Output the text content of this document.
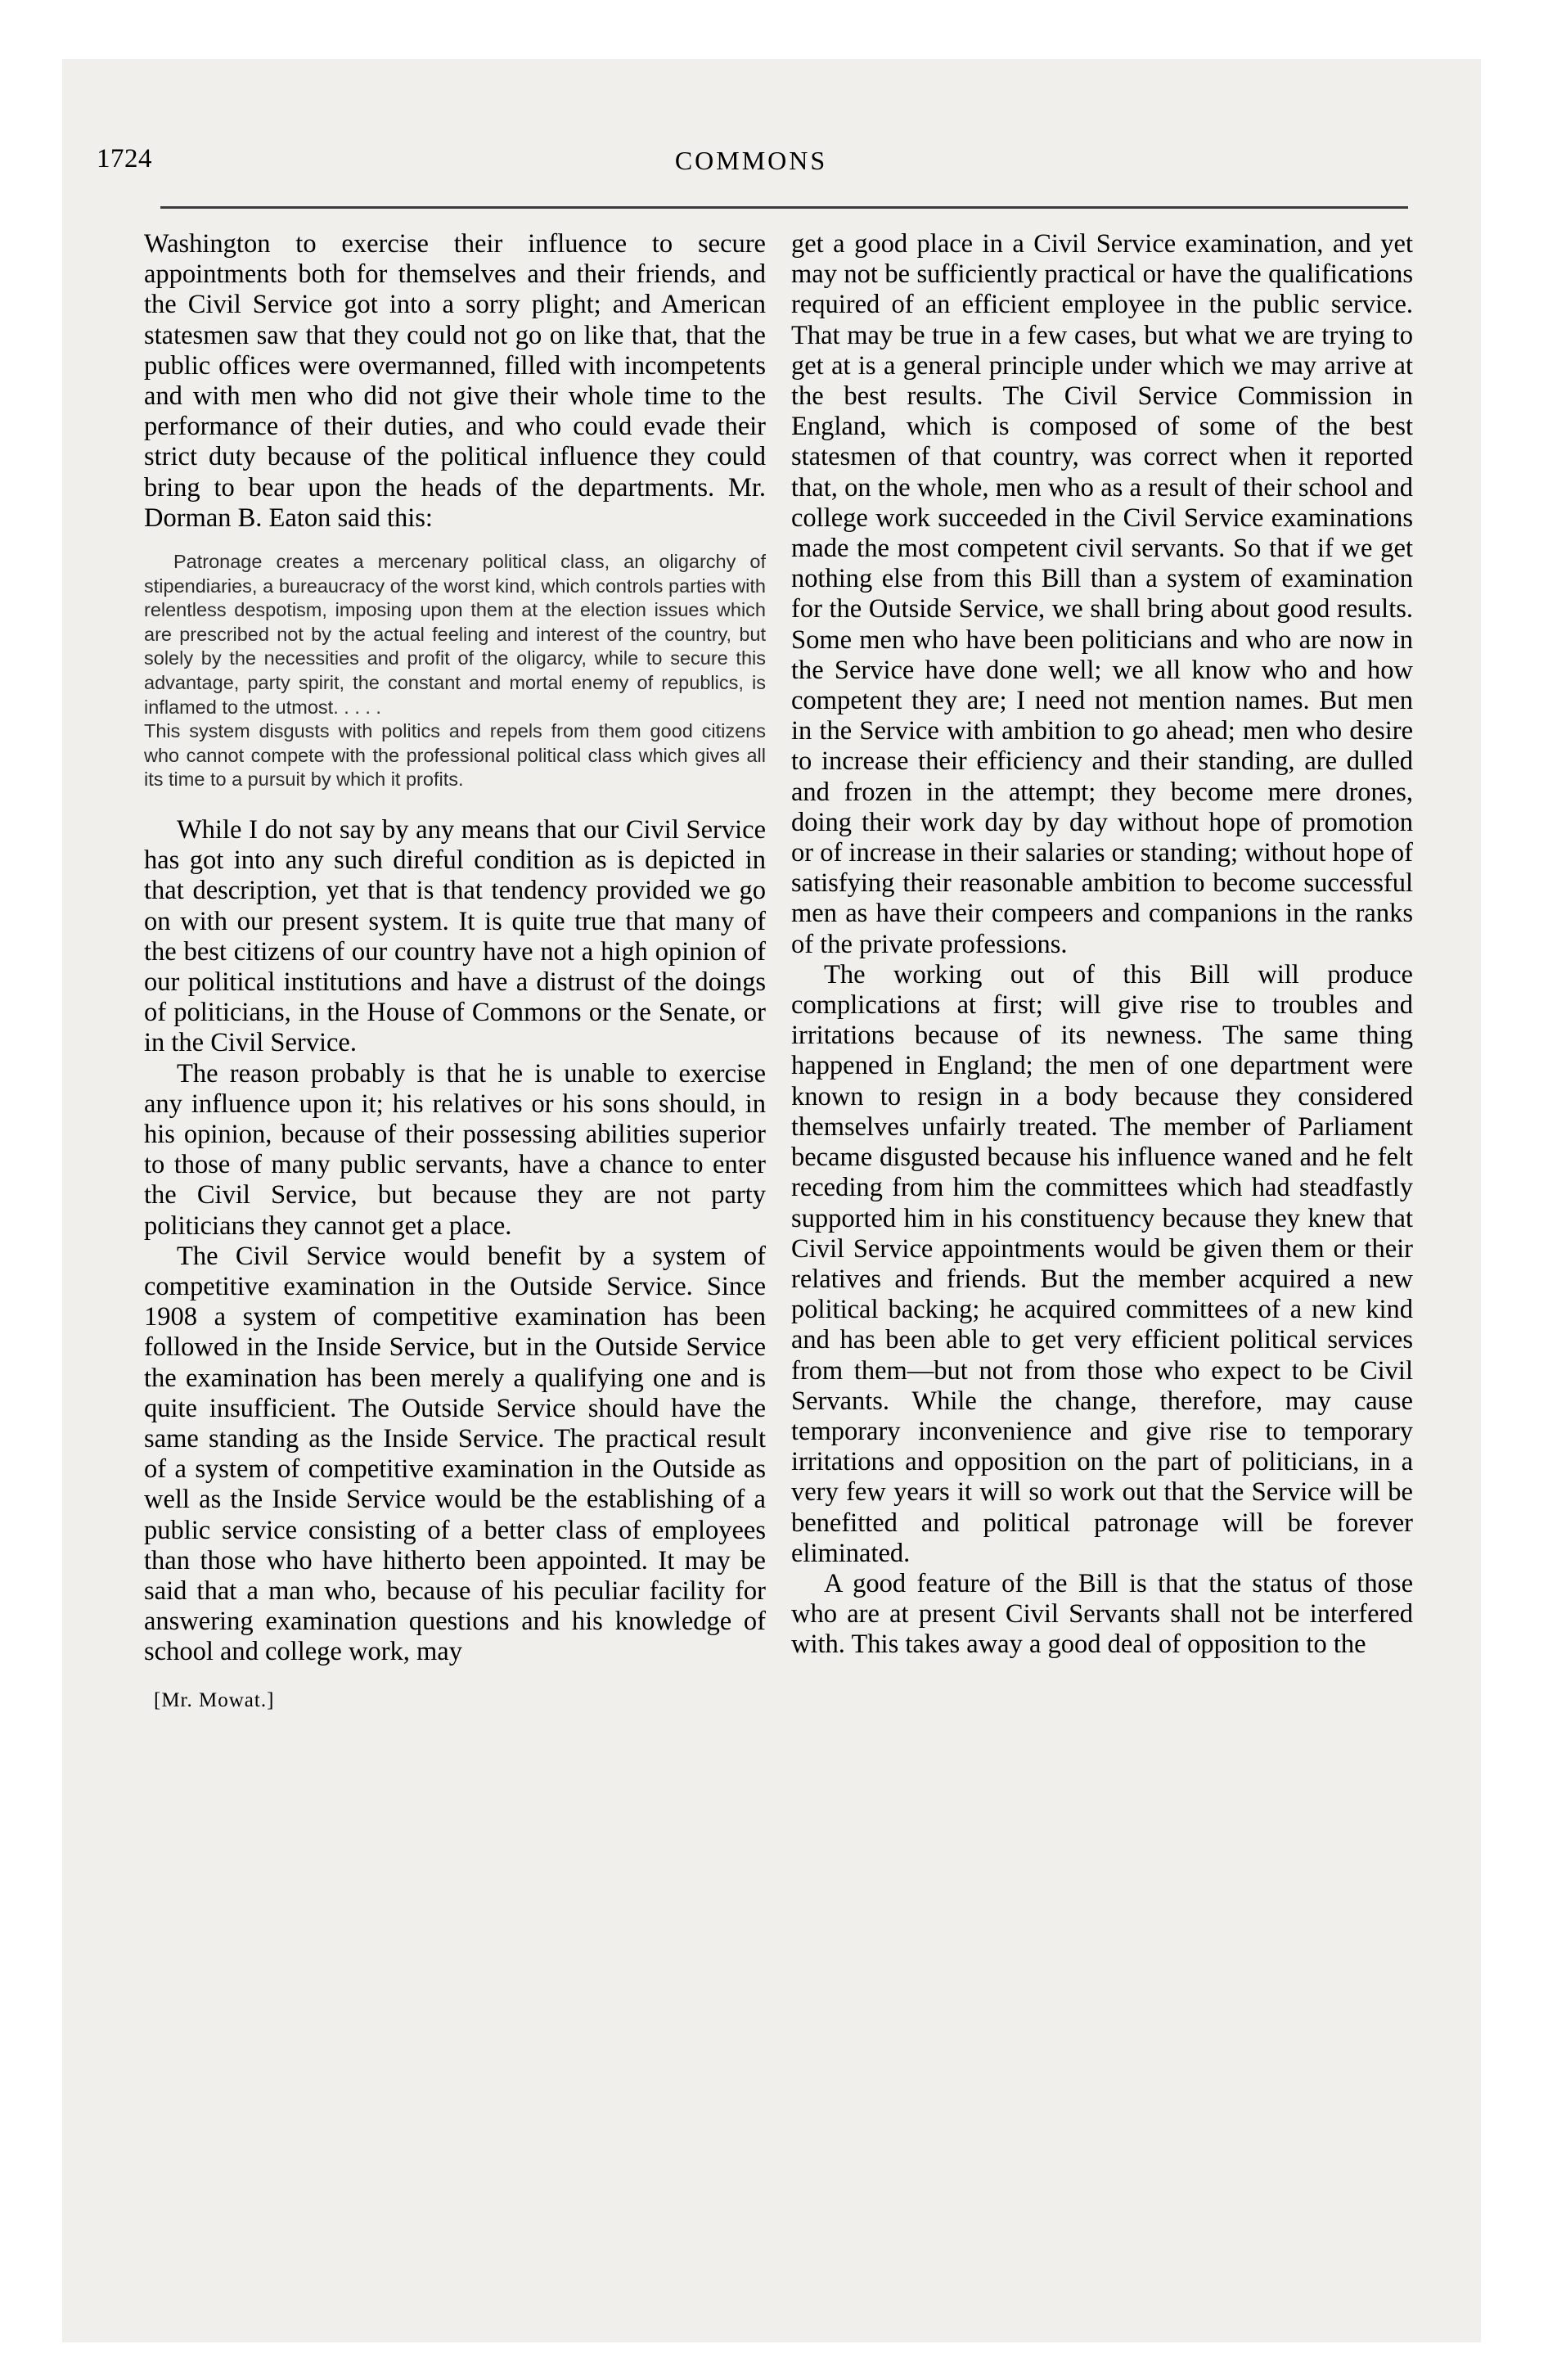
1724	COMMONS

Washington to exercise their influence to secure appointments both for themselves and their friends, and the Civil Service got into a sorry plight; and American statesmen saw that they could not go on like that, that the public offices were overmanned, filled with incompetents and with men who did not give their whole time to the performance of their duties, and who could evade their strict duty because of the political influence they could bring to bear upon the heads of the departments. Mr. Dorman B. Eaton said this:

Patronage creates a mercenary political class, an oligarchy of stipendiaries, a bureaucracy of the worst kind, which controls parties with relentless despotism, imposing upon them at the election issues which are prescribed not by the actual feeling and interest of the country, but solely by the necessities and profit of the oligarcy, while to secure this advantage, party spirit, the constant and mortal enemy of republics, is inflamed to the utmost. . . . .

This system disgusts with politics and repels from them good citizens who cannot compete with the professional political class which gives all its time to a pursuit by which it profits.

While I do not say by any means that our Civil Service has got into any such direful condition as is depicted in that description, yet that is that tendency provided we go on with our present system. It is quite true that many of the best citizens of our country have not a high opinion of our political institutions and have a distrust of the doings of politicians, in the House of Commons or the Senate, or in the Civil Service.

The reason probably is that he is unable to exercise any influence upon it; his relatives or his sons should, in his opinion, because of their possessing abilities superior to those of many public servants, have a chance to enter the Civil Service, but because they are not party politicians they cannot get a place.

The Civil Service would benefit by a system of competitive examination in the Outside Service. Since 1908 a system of competitive examination has been followed in the Inside Service, but in the Outside Service the examination has been merely a qualifying one and is quite insufficient. The Outside Service should have the same standing as the Inside Service. The practical result of a system of competitive examination in the Outside as well as the Inside Service would be the establishing of a public service consisting of a better class of employees than those who have hitherto been appointed. It may be said that a man who, because of his peculiar facility for answering examination questions and his knowledge of school and college work, may

[Mr. Mowat.]

get a good place in a Civil Service examination, and yet may not be sufficiently practical or have the qualifications required of an efficient employee in the public service. That may be true in a few cases, but what we are trying to get at is a general principle under which we may arrive at the best results. The Civil Service Commission in England, which is composed of some of the best statesmen of that country, was correct when it reported that, on the whole, men who as a result of their school and college work succeeded in the Civil Service examinations made the most competent civil servants. So that if we get nothing else from this Bill than a system of examination for the Outside Service, we shall bring about good results. Some men who have been politicians and who are now in the Service have done well; we all know who and how competent they are; I need not mention names. But men in the Service with ambition to go ahead; men who desire to increase their efficiency and their standing, are dulled and frozen in the attempt; they become mere drones, doing their work day by day without hope of promotion or of increase in their salaries or standing; without hope of satisfying their reasonable ambition to become successful men as have their compeers and companions in the ranks of the private professions.

The working out of this Bill will produce complications at first; will give rise to troubles and irritations because of its newness. The same thing happened in England; the men of one department were known to resign in a body because they considered themselves unfairly treated. The member of Parliament became disgusted because his influence waned and he felt receding from him the committees which had steadfastly supported him in his constituency because they knew that Civil Service appointments would be given them or their relatives and friends. But the member acquired a new political backing; he acquired committees of a new kind and has been able to get very efficient political services from them—but not from those who expect to be Civil Servants. While the change, therefore, may cause temporary inconvenience and give rise to temporary irritations and opposition on the part of politicians, in a very few years it will so work out that the Service will be benefitted and political patronage will be forever eliminated.

A good feature of the Bill is that the status of those who are at present Civil Servants shall not be interfered with. This takes away a good deal of opposition to the
